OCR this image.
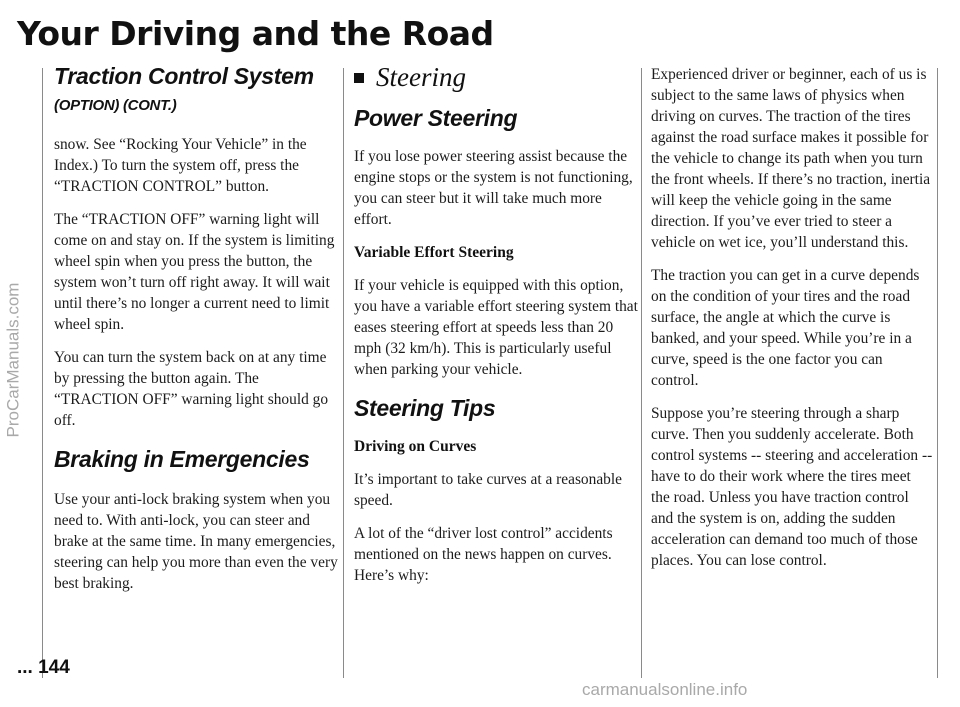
Your Driving and the Road
ProCarManuals.com
Traction Control System
(OPTION) (CONT.)

snow. See “Rocking Your Vehicle” in the Index.) To turn the system off, press the “TRACTION CONTROL” button.

The “TRACTION OFF” warning light will come on and stay on. If the system is limiting wheel spin when you press the button, the system won’t turn off right away. It will wait until there’s no longer a current need to limit wheel spin.

You can turn the system back on at any time by pressing the button again. The “TRACTION OFF” warning light should go off.

Braking in Emergencies

Use your anti-lock braking system when you need to. With anti-lock, you can steer and brake at the same time. In many emergencies, steering can help you more than even the very best braking.

Steering
Power Steering

If you lose power steering assist because the engine stops or the system is not functioning, you can steer but it will take much more effort.

Variable Effort Steering

If your vehicle is equipped with this option, you have a variable effort steering system that eases steering effort at speeds less than 20 mph (32 km/h). This is particularly useful when parking your vehicle.

Steering Tips
Driving on Curves

It’s important to take curves at a reasonable speed.

A lot of the “driver lost control” accidents mentioned on the news happen on curves. Here’s why:

Experienced driver or beginner, each of us is subject to the same laws of physics when driving on curves. The traction of the tires against the road surface makes it possible for the vehicle to change its path when you turn the front wheels. If there’s no traction, inertia will keep the vehicle going in the same direction. If you’ve ever tried to steer a vehicle on wet ice, you’ll understand this.

The traction you can get in a curve depends on the condition of your tires and the road surface, the angle at which the curve is banked, and your speed. While you’re in a curve, speed is the one factor you can control.

Suppose you’re steering through a sharp curve. Then you suddenly accelerate. Both control systems -- steering and acceleration -- have to do their work where the tires meet the road. Unless you have traction control and the system is on, adding the sudden acceleration can demand too much of those places. You can lose control.

... 144
carmanualsonline.info
